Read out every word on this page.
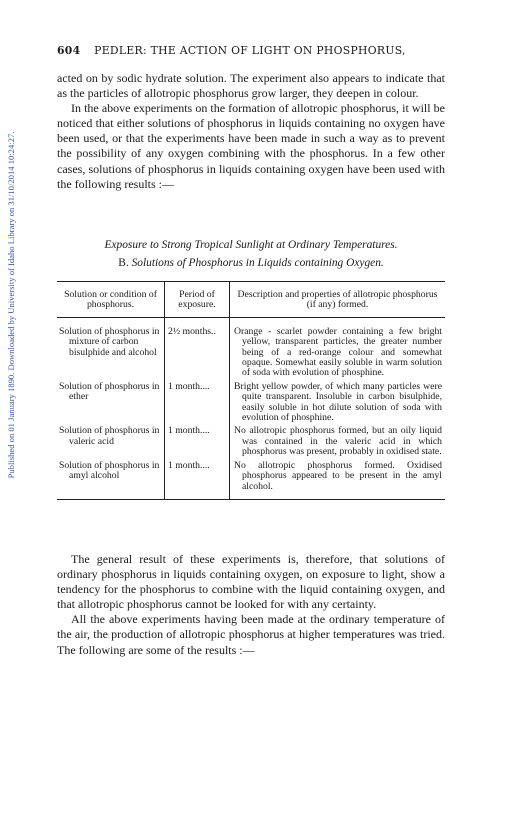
Published on 01 January 1890. Downloaded by University of Idaho Library on 31/10/2014 10:24:27.
604 PEDLER: THE ACTION OF LIGHT ON PHOSPHORUS,

acted on by sodic hydrate solution. The experiment also appears to indicate that as the particles of allotropic phosphorus grow larger, they deepen in colour.

In the above experiments on the formation of allotropic phosphorus, it will be noticed that either solutions of phosphorus in liquids containing no oxygen have been used, or that the experiments have been made in such a way as to prevent the possibility of any oxygen combining with the phosphorus. In a few other cases, solutions of phosphorus in liquids containing oxygen have been used with the following results :—

Exposure to Strong Tropical Sunlight at Ordinary Temperatures.
B. Solutions of Phosphorus in Liquids containing Oxygen.
Solution or condition of phosphorus.	Period of exposure.	Description and properties of allotropic phosphorus (if any) formed.

Solution of phosphorus in mixture of carbon bisulphide and alcohol	2½ months..	Orange - scarlet powder containing a few bright yellow, transparent particles, the greater number being of a red-orange colour and somewhat opaque. Somewhat easily soluble in warm solution of soda with evolution of phosphine.

Solution of phosphorus in ether	1 month....	Bright yellow powder, of which many particles were quite transparent. Insoluble in carbon bisulphide, easily soluble in hot dilute solution of soda with evolution of phosphine.

Solution of phosphorus in valeric acid	1 month....	No allotropic phosphorus formed, but an oily liquid was contained in the valeric acid in which phosphorus was present, probably in oxidised state.

Solution of phosphorus in amyl alcohol	1 month....	No allotropic phosphorus formed. Oxidised phosphorus appeared to be present in the amyl alcohol.

The general result of these experiments is, therefore, that solutions of ordinary phosphorus in liquids containing oxygen, on exposure to light, show a tendency for the phosphorus to combine with the liquid containing oxygen, and that allotropic phosphorus cannot be looked for with any certainty.

All the above experiments having been made at the ordinary temperature of the air, the production of allotropic phosphorus at higher temperatures was tried. The following are some of the results :—
